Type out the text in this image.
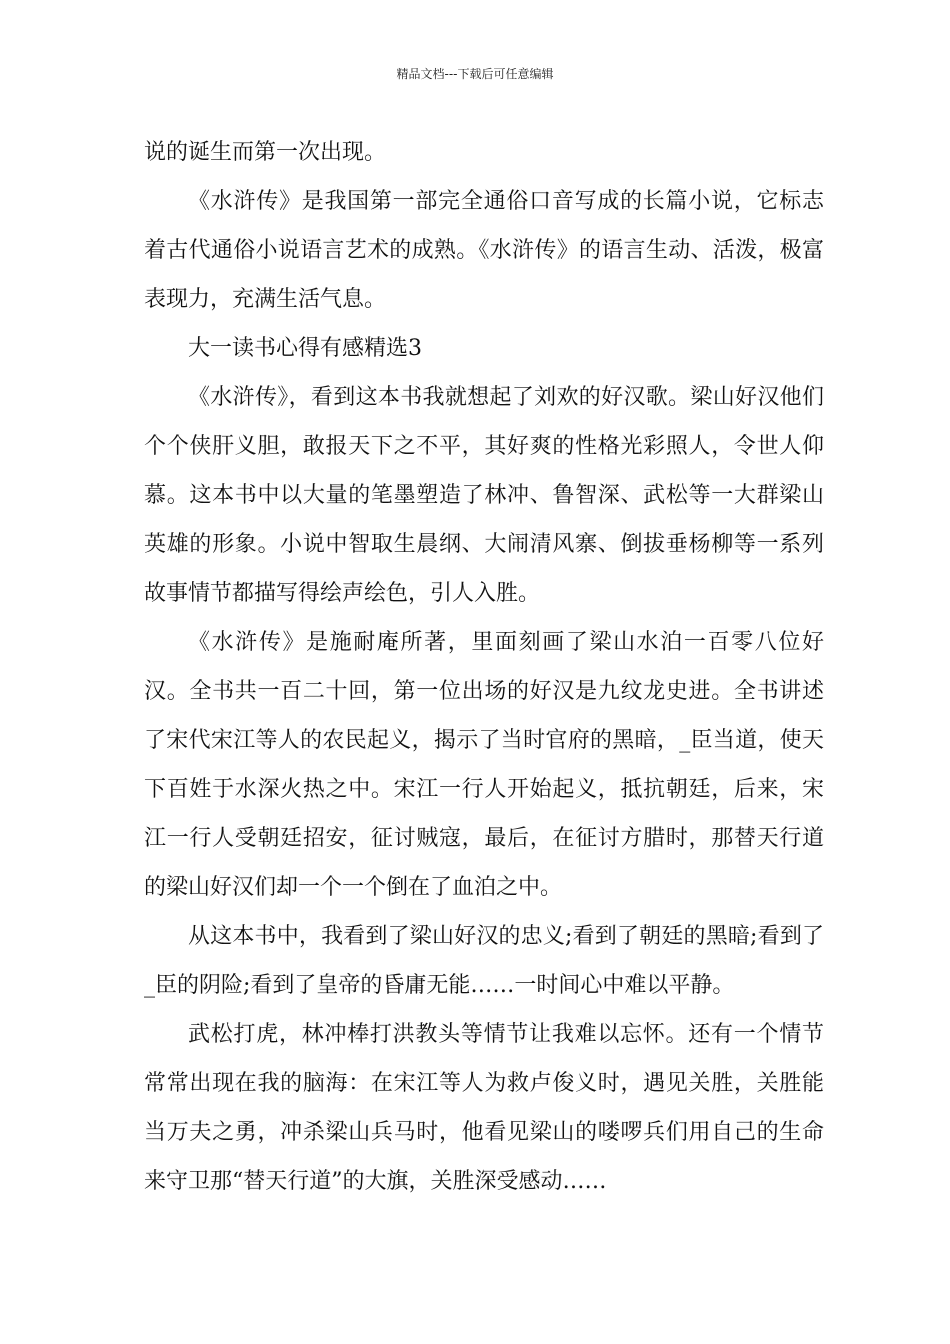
精品文档---下载后可任意编辑

说的诞生而第一次出现。

《水浒传》是我国第一部完全通俗口音写成的长篇小说，它标志着古代通俗小说语言艺术的成熟。《水浒传》的语言生动、活泼，极富表现力，充满生活气息。

大一读书心得有感精选3

《水浒传》，看到这本书我就想起了刘欢的好汉歌。梁山好汉他们个个侠肝义胆，敢报天下之不平，其好爽的性格光彩照人，令世人仰慕。这本书中以大量的笔墨塑造了林冲、鲁智深、武松等一大群梁山英雄的形象。小说中智取生晨纲、大闹清风寨、倒拔垂杨柳等一系列故事情节都描写得绘声绘色，引人入胜。

《水浒传》是施耐庵所著，里面刻画了梁山水泊一百零八位好汉。全书共一百二十回，第一位出场的好汉是九纹龙史进。全书讲述了宋代宋江等人的农民起义，揭示了当时官府的黑暗，_臣当道，使天下百姓于水深火热之中。宋江一行人开始起义，抵抗朝廷，后来，宋江一行人受朝廷招安，征讨贼寇，最后，在征讨方腊时，那替天行道的梁山好汉们却一个一个倒在了血泊之中。

从这本书中，我看到了梁山好汉的忠义;看到了朝廷的黑暗;看到了_臣的阴险;看到了皇帝的昏庸无能……一时间心中难以平静。

武松打虎，林冲棒打洪教头等情节让我难以忘怀。还有一个情节常常出现在我的脑海：在宋江等人为救卢俊义时，遇见关胜，关胜能当万夫之勇，冲杀梁山兵马时，他看见梁山的喽啰兵们用自己的生命来守卫那“替天行道”的大旗，关胜深受感动……
